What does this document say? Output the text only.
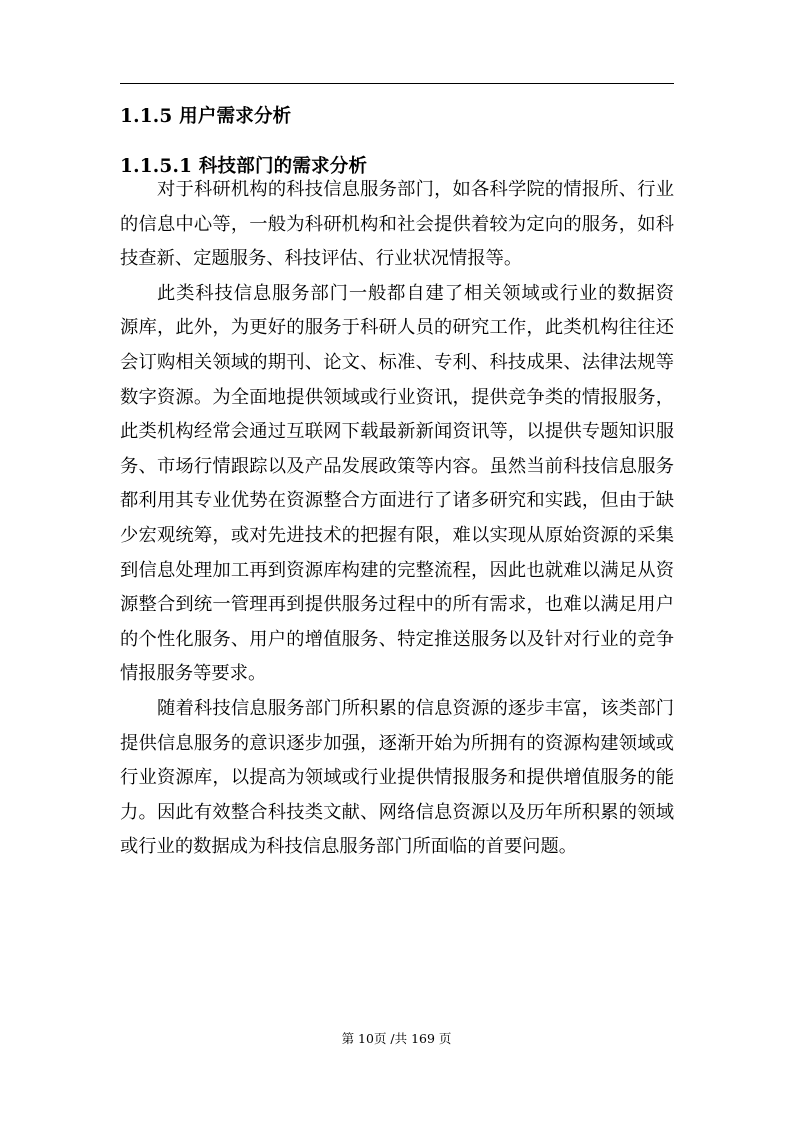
1.1.5 用户需求分析
1.1.5.1 科技部门的需求分析
对于科研机构的科技信息服务部门，如各科学院的情报所、行业
的信息中心等，一般为科研机构和社会提供着较为定向的服务，如科
技查新、定题服务、科技评估、行业状况情报等。
此类科技信息服务部门一般都自建了相关领域或行业的数据资
源库，此外，为更好的服务于科研人员的研究工作，此类机构往往还
会订购相关领域的期刊、论文、标准、专利、科技成果、法律法规等
数字资源。为全面地提供领域或行业资讯，提供竞争类的情报服务，
此类机构经常会通过互联网下载最新新闻资讯等，以提供专题知识服
务、市场行情跟踪以及产品发展政策等内容。虽然当前科技信息服务
都利用其专业优势在资源整合方面进行了诸多研究和实践，但由于缺
少宏观统筹，或对先进技术的把握有限，难以实现从原始资源的采集
到信息处理加工再到资源库构建的完整流程，因此也就难以满足从资
源整合到统一管理再到提供服务过程中的所有需求，也难以满足用户
的个性化服务、用户的增值服务、特定推送服务以及针对行业的竞争
情报服务等要求。
随着科技信息服务部门所积累的信息资源的逐步丰富，该类部门
提供信息服务的意识逐步加强，逐渐开始为所拥有的资源构建领域或
行业资源库，以提高为领域或行业提供情报服务和提供增值服务的能
力。因此有效整合科技类文献、网络信息资源以及历年所积累的领域
或行业的数据成为科技信息服务部门所面临的首要问题。
第 10页 /共 169 页
